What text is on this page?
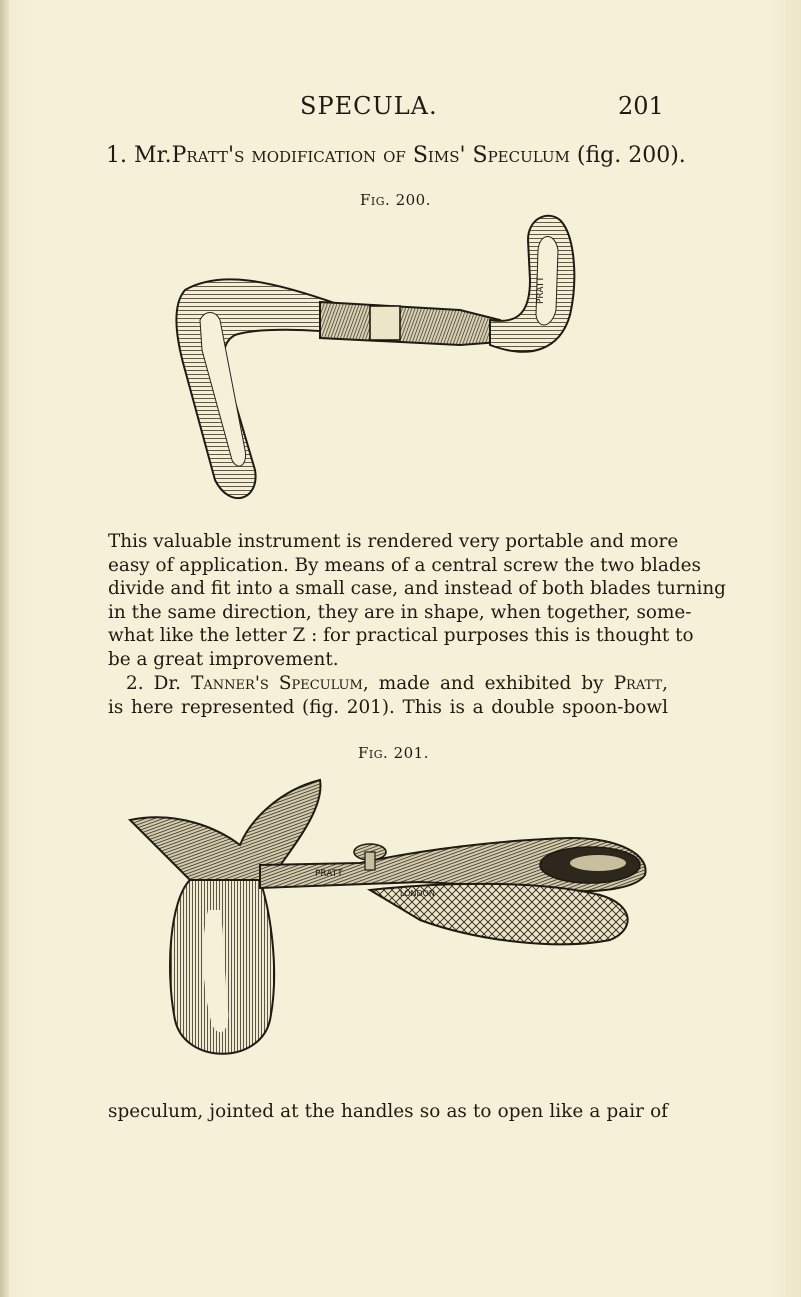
SPECULA.	201
1. Mr.Pratt's modification of Sims' Speculum (fig. 200).
Fig. 200.
PRATT
This valuable instrument is rendered very portable and more
easy of application. By means of a central screw the two blades
divide and fit into a small case, and instead of both blades turning
in the same direction, they are in shape, when together, some-
what like the letter Z : for practical purposes this is thought to
be a great improvement.
2. Dr. Tanner's Speculum, made and exhibited by Pratt,
is here represented (fig. 201). This is a double spoon-bowl
Fig. 201.
PRATT
LONDON
speculum, jointed at the handles so as to open like a pair of
